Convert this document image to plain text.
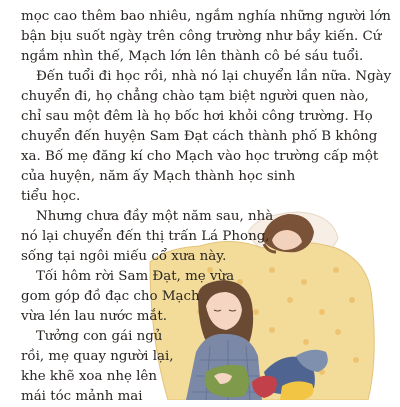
mọc cao thêm bao nhiêu, ngắm nghía những người lớn
bận bịu suốt ngày trên công trường như bầy kiến. Cứ
ngắm nhìn thế, Mạch lớn lên thành cô bé sáu tuổi.
Đến tuổi đi học rồi, nhà nó lại chuyển lần nữa. Ngày
chuyển đi, họ chẳng chào tạm biệt người quen nào,
chỉ sau một đêm là họ bốc hơi khỏi công trường. Họ
chuyển đến huyện Sam Đạt cách thành phố B không
xa. Bố mẹ đăng kí cho Mạch vào học trường cấp một
của huyện, năm ấy Mạch thành học sinh
tiểu học.
Nhưng chưa đầy một năm sau, nhà
nó lại chuyển đến thị trấn Lá Phong,
sống tại ngôi miếu cổ xưa này.
Tối hôm rời Sam Đạt, mẹ vừa
gom góp đồ đạc cho Mạch
vừa lén lau nước mắt.
Tưởng con gái ngủ
rồi, mẹ quay người lại,
khe khẽ xoa nhẹ lên
mái tóc mảnh mai
